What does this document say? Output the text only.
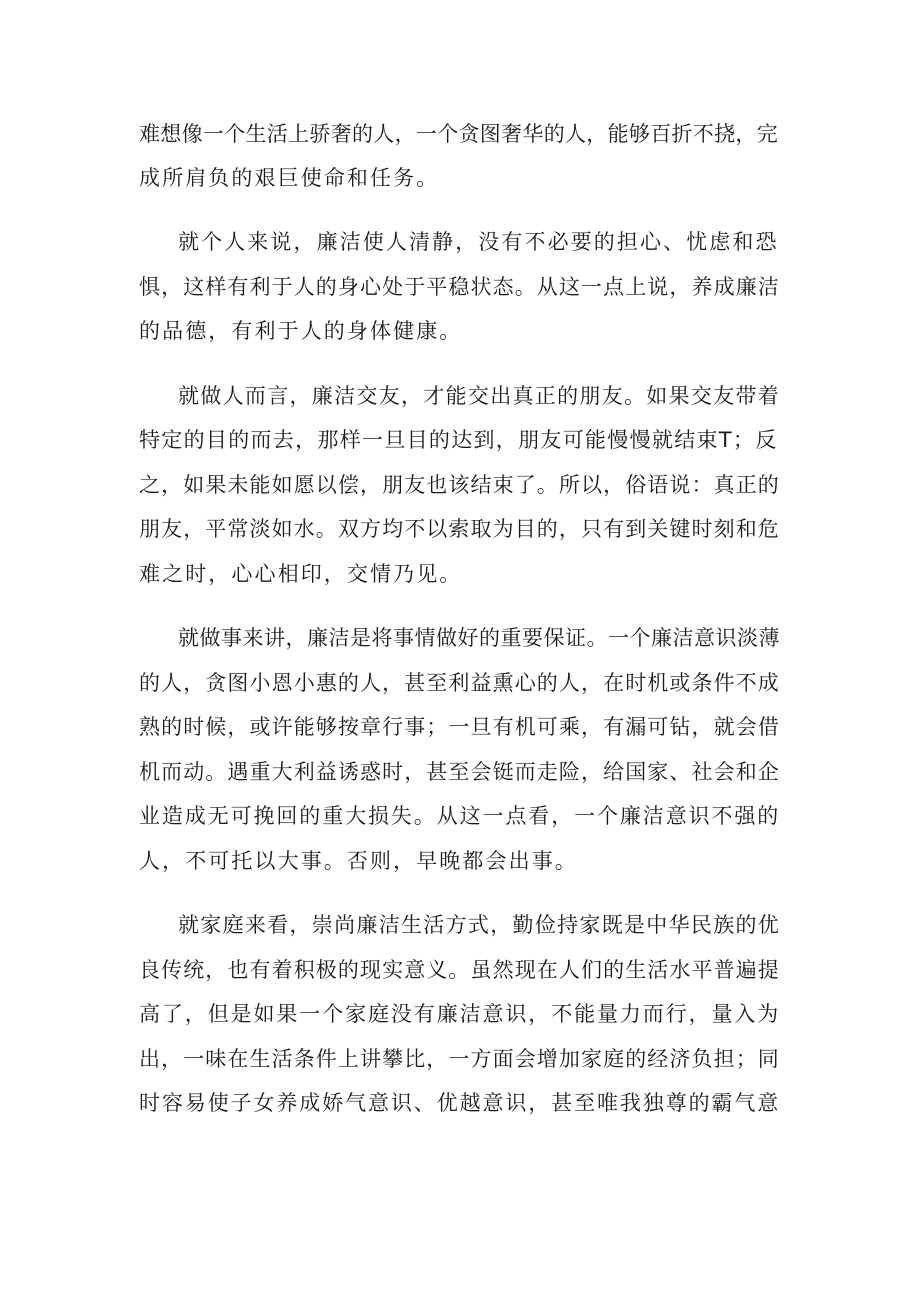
难想像一个生活上骄奢的人，一个贪图奢华的人，能够百折不挠，完

成所肩负的艰巨使命和任务。

就个人来说，廉洁使人清静，没有不必要的担心、忧虑和恐

惧，这样有利于人的身心处于平稳状态。从这一点上说，养成廉洁

的品德，有利于人的身体健康。

就做人而言，廉洁交友，才能交出真正的朋友。如果交友带着

特定的目的而去，那样一旦目的达到，朋友可能慢慢就结束T；反

之，如果未能如愿以偿，朋友也该结束了。所以，俗语说：真正的

朋友，平常淡如水。双方均不以索取为目的，只有到关键时刻和危

难之时，心心相印，交情乃见。

就做事来讲，廉洁是将事情做好的重要保证。一个廉洁意识淡薄

的人，贪图小恩小惠的人，甚至利益熏心的人，在时机或条件不成

熟的时候，或许能够按章行事；一旦有机可乘，有漏可钻，就会借

机而动。遇重大利益诱惑时，甚至会铤而走险，给国家、社会和企

业造成无可挽回的重大损失。从这一点看，一个廉洁意识不强的

人，不可托以大事。否则，早晚都会出事。

就家庭来看，崇尚廉洁生活方式，勤俭持家既是中华民族的优

良传统，也有着积极的现实意义。虽然现在人们的生活水平普遍提

高了，但是如果一个家庭没有廉洁意识，不能量力而行，量入为

出，一味在生活条件上讲攀比，一方面会增加家庭的经济负担；同

时容易使子女养成娇气意识、优越意识，甚至唯我独尊的霸气意
